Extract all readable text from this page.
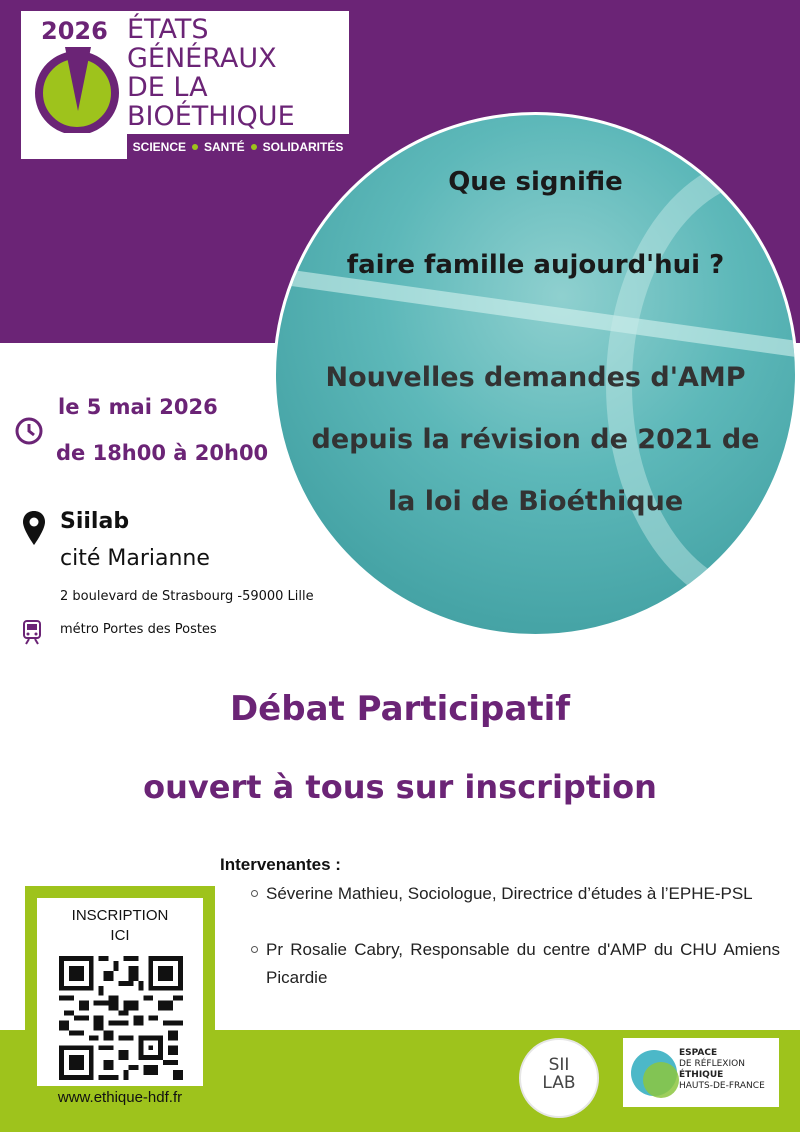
2026 ÉTATS
GÉNÉRAUX
DE LA
BIOÉTHIQUE
SCIENCE SANTÉ SOLIDARITÉS
Que signifie
faire famille aujourd'hui ?
Nouvelles demandes d'AMP
depuis la révision de 2021 de
la loi de Bioéthique
le 5 mai 2026
de 18h00 à 20h00
Siilab
cité Marianne
2 boulevard de Strasbourg -59000 Lille
métro Portes des Postes
Débat Participatif
ouvert à tous sur inscription
Intervenantes :
Séverine Mathieu, Sociologue, Directrice d’études à l’EPHE-PSL
Pr Rosalie Cabry, Responsable du centre d'AMP du CHU Amiens Picardie
INSCRIPTION
ICI
www.ethique-hdf.fr
SII
LAB
ESPACE
DE RÉFLEXION
ÉTHIQUE
HAUTS-DE-FRANCE
